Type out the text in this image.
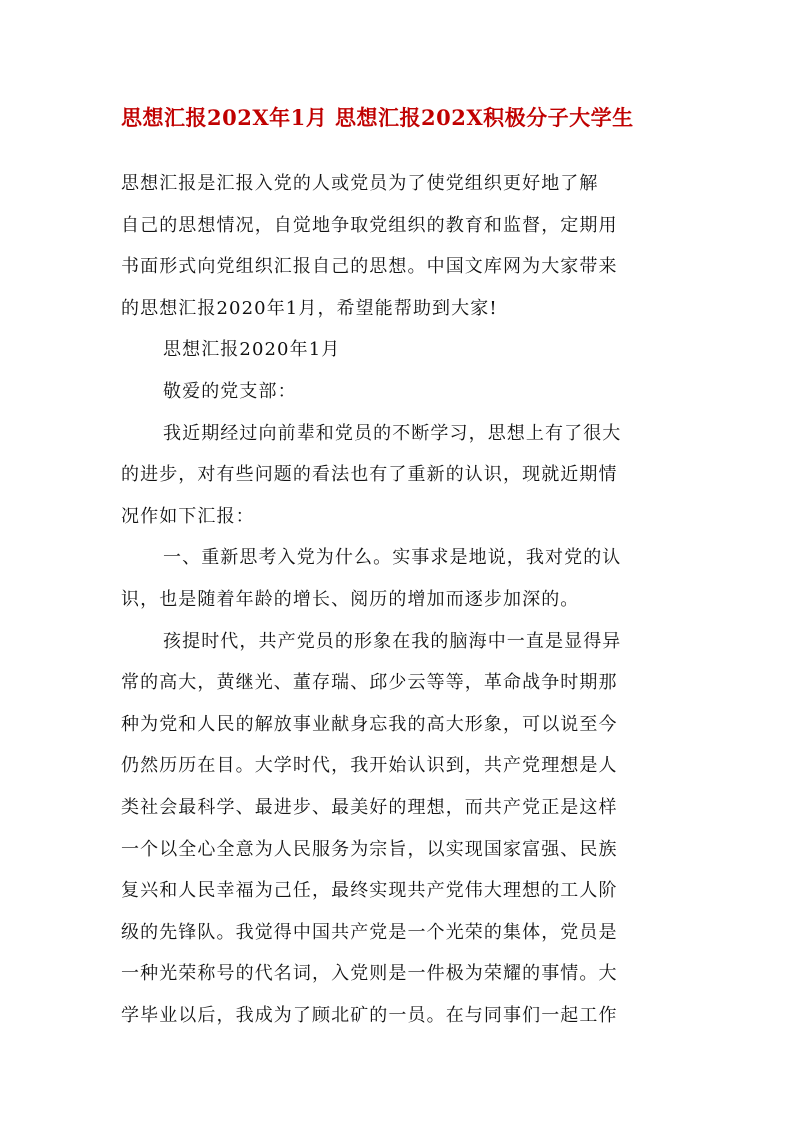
思想汇报202X年1月 思想汇报202X积极分子大学生
思想汇报是汇报入党的人或党员为了使党组织更好地了解
自己的思想情况，自觉地争取党组织的教育和监督，定期用
书面形式向党组织汇报自己的思想。中国文库网为大家带来
的思想汇报2020年1月，希望能帮助到大家!
思想汇报2020年1月
敬爱的党支部：
我近期经过向前辈和党员的不断学习，思想上有了很大
的进步，对有些问题的看法也有了重新的认识，现就近期情
况作如下汇报：
一、重新思考入党为什么。实事求是地说，我对党的认
识，也是随着年龄的增长、阅历的增加而逐步加深的。
孩提时代，共产党员的形象在我的脑海中一直是显得异
常的高大，黄继光、董存瑞、邱少云等等，革命战争时期那
种为党和人民的解放事业献身忘我的高大形象，可以说至今
仍然历历在目。大学时代，我开始认识到，共产党理想是人
类社会最科学、最进步、最美好的理想，而共产党正是这样
一个以全心全意为人民服务为宗旨，以实现国家富强、民族
复兴和人民幸福为己任，最终实现共产党伟大理想的工人阶
级的先锋队。我觉得中国共产党是一个光荣的集体，党员是
一种光荣称号的代名词，入党则是一件极为荣耀的事情。大
学毕业以后，我成为了顾北矿的一员。在与同事们一起工作
